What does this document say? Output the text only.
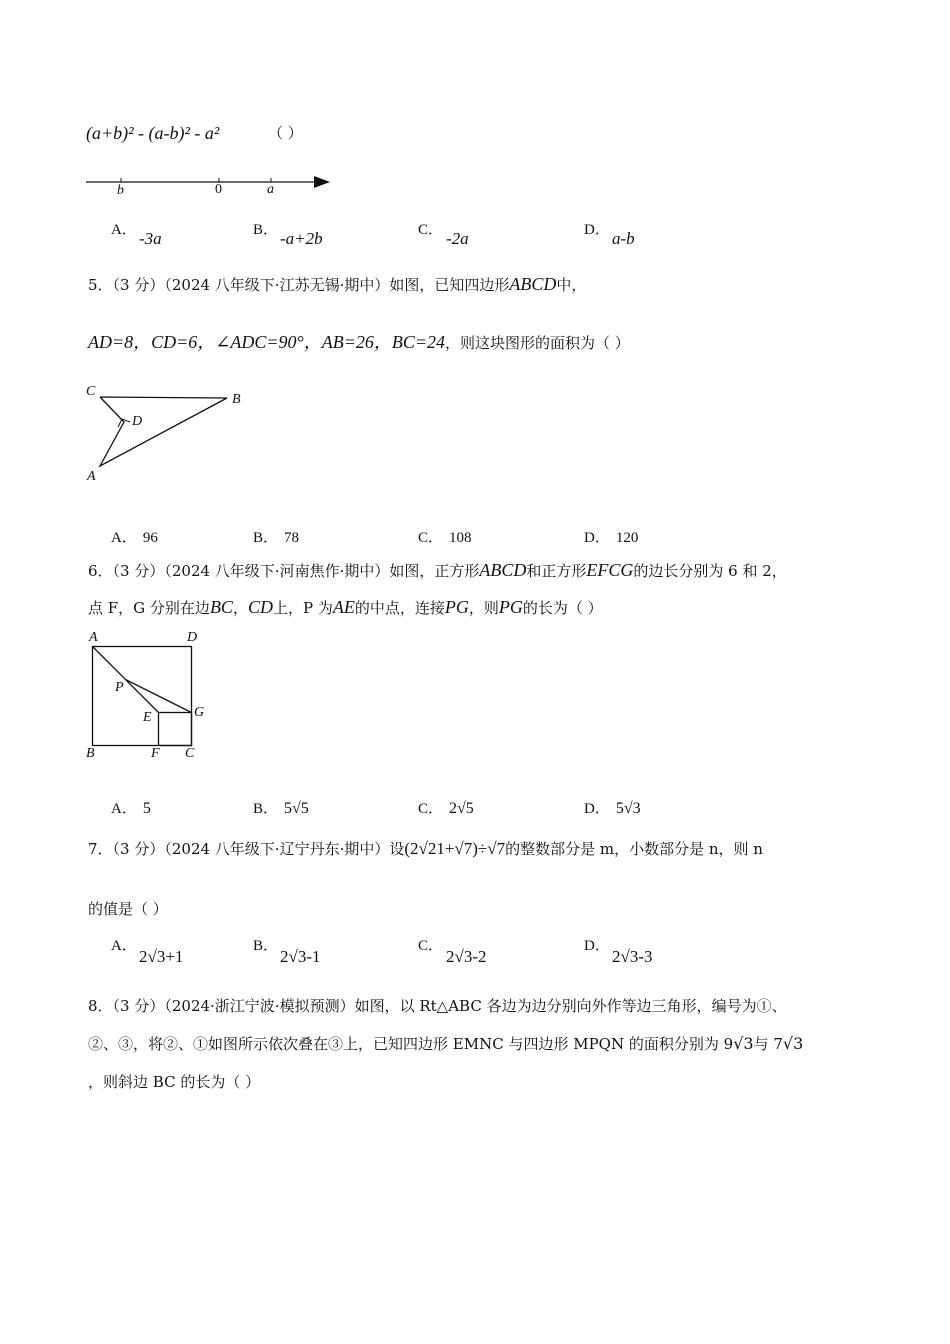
(a+b)² - (a-b)² - a²	（ ）
b	0	a
A． -3a	B． -a+2b	C． -2a	D． a-b
5．（3 分）（2024 八年级下·江苏无锡·期中）如图，已知四边形ABCD中，
AD=8，CD=6，∠ADC=90°，AB=26，BC=24，则这块图形的面积为（ ）
C
D
B
A
A． 96	B． 78	C． 108	D． 120
6．（3 分）（2024 八年级下·河南焦作·期中）如图，正方形ABCD和正方形EFCG的边长分别为 6 和 2，
点 F，G 分别在边BC，CD上，P 为AE的中点，连接PG，则PG的长为（ ）
A	D
P
E	G
B	F C
A． 5	B． 5√5	C． 2√5	D． 5√3
7．（3 分）（2024 八年级下·辽宁丹东·期中）设(2√21+√7)÷√7的整数部分是 m，小数部分是 n，则 n
的值是（ ）
A．
2√3+1
B．
2√3-1
C．
2√3-2
D．
2√3-3
8．（3 分）（2024·浙江宁波·模拟预测）如图，以 Rt△ABC 各边为边分别向外作等边三角形，编号为①、
②、③，将②、①如图所示依次叠在③上，已知四边形 EMNC 与四边形 MPQN 的面积分别为 9√3与 7√3
，则斜边 BC 的长为（ ）
